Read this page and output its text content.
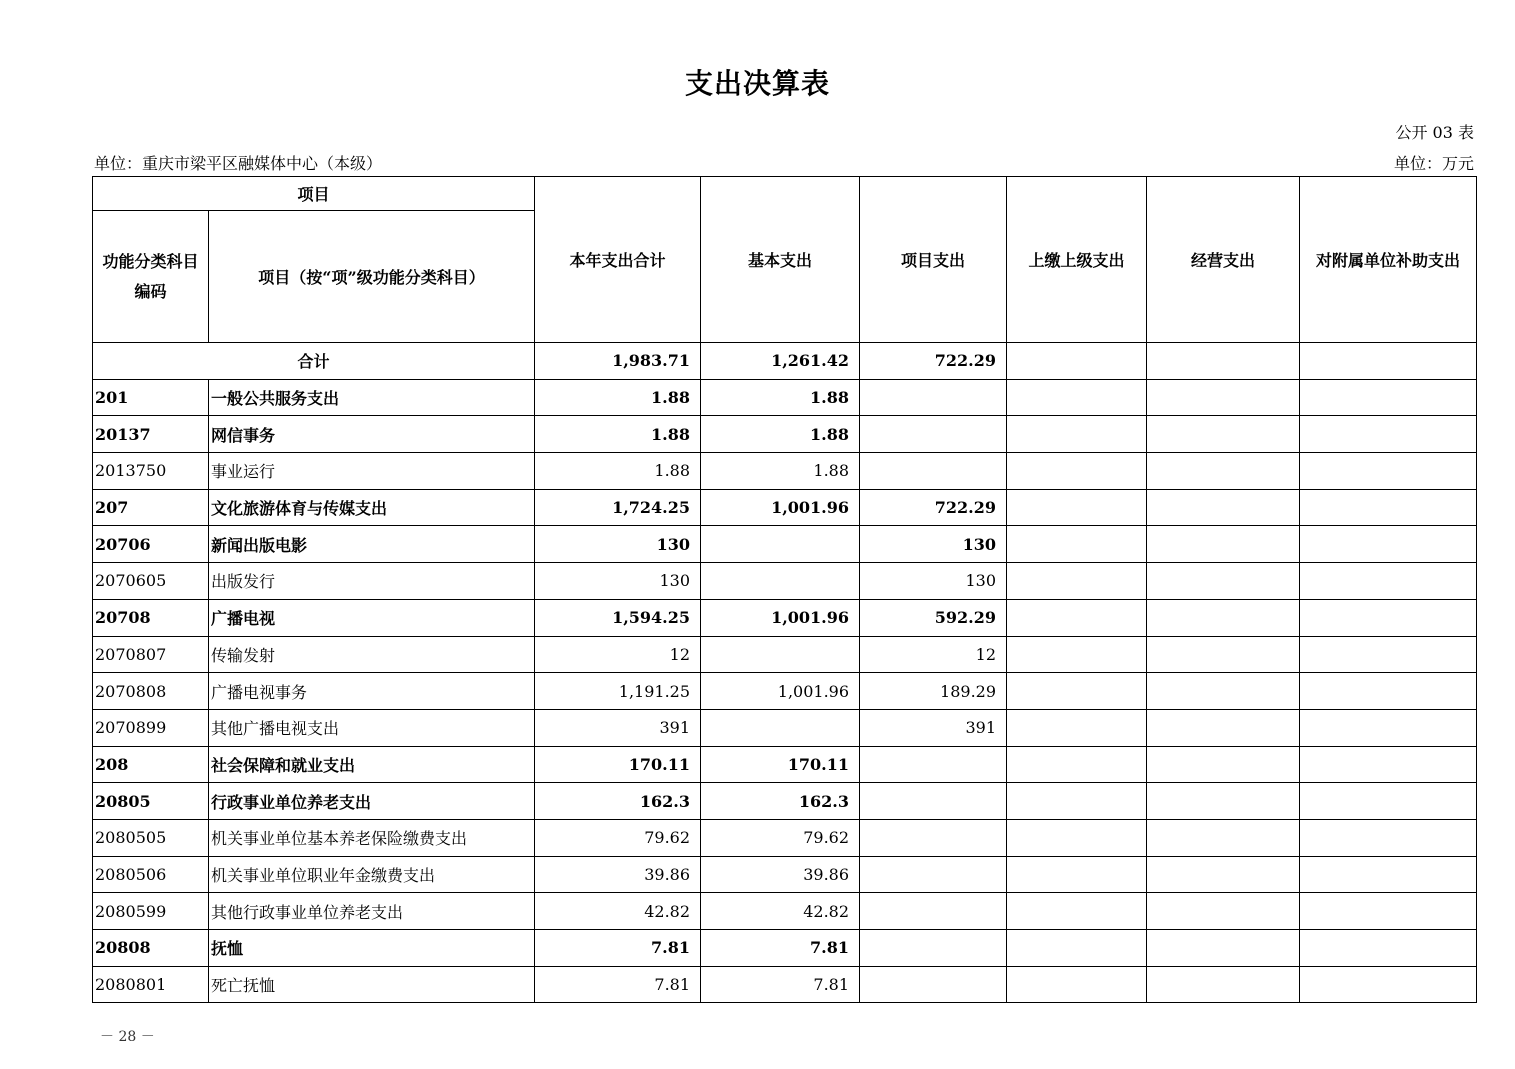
支出决算表
公开 03 表
单位：重庆市梁平区融媒体中心（本级）	单位：万元
项目		本年支出合计	基本支出	项目支出	上缴上级支出	经营支出	对附属单位补助支出
功能分类科目编码	项目（按“项”级功能分类科目）						
合计		1,983.71	1,261.42	722.29			
201	一般公共服务支出	1.88	1.88				
20137	网信事务	1.88	1.88				
2013750	事业运行	1.88	1.88				
207	文化旅游体育与传媒支出	1,724.25	1,001.96	722.29			
20706	新闻出版电影	130		130			
2070605	出版发行	130		130			
20708	广播电视	1,594.25	1,001.96	592.29			
2070807	传输发射	12		12			
2070808	广播电视事务	1,191.25	1,001.96	189.29			
2070899	其他广播电视支出	391		391			
208	社会保障和就业支出	170.11	170.11				
20805	行政事业单位养老支出	162.3	162.3				
2080505	机关事业单位基本养老保险缴费支出	79.62	79.62				
2080506	机关事业单位职业年金缴费支出	39.86	39.86				
2080599	其他行政事业单位养老支出	42.82	42.82				
20808	抚恤	7.81	7.81				
2080801	死亡抚恤	7.81	7.81				
－ 28 －
